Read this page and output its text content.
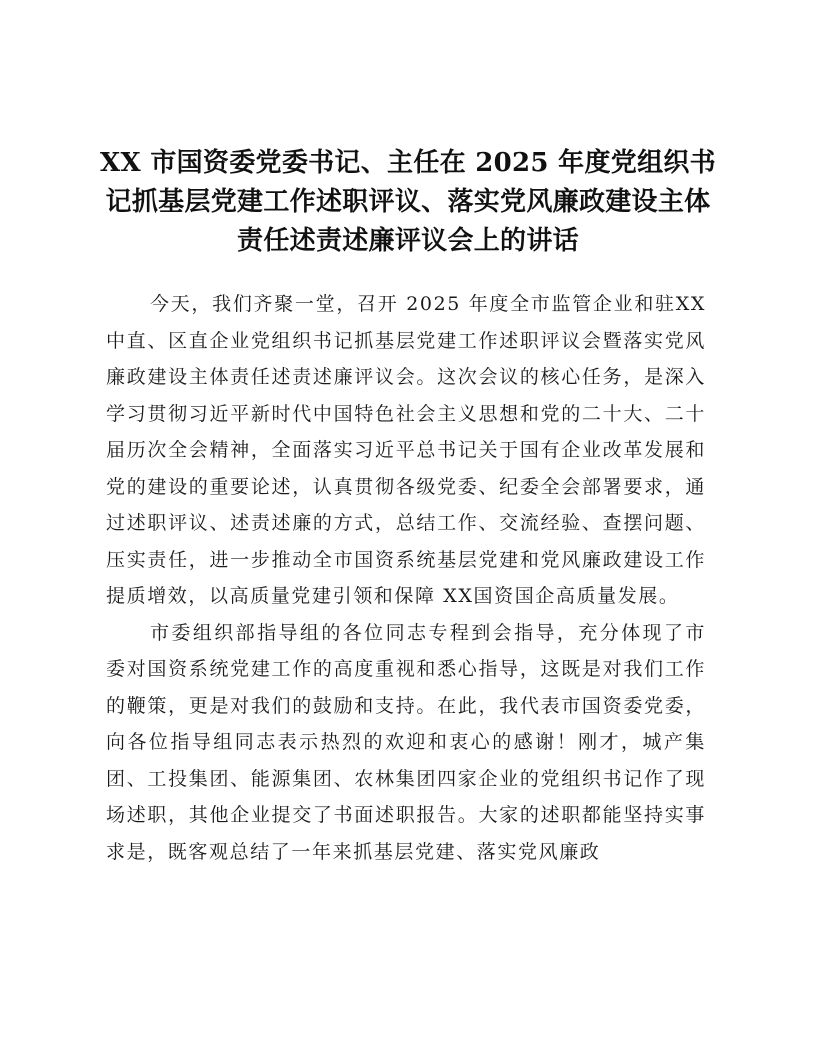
XX 市国资委党委书记、主任在 2025 年度党组织书记抓基层党建工作述职评议、落实党风廉政建设主体责任述责述廉评议会上的讲话

今天，我们齐聚一堂，召开 2025 年度全市监管企业和驻XX 中直、区直企业党组织书记抓基层党建工作述职评议会暨落实党风廉政建设主体责任述责述廉评议会。这次会议的核心任务，是深入学习贯彻习近平新时代中国特色社会主义思想和党的二十大、二十届历次全会精神，全面落实习近平总书记关于国有企业改革发展和党的建设的重要论述，认真贯彻各级党委、纪委全会部署要求，通过述职评议、述责述廉的方式，总结工作、交流经验、查摆问题、压实责任，进一步推动全市国资系统基层党建和党风廉政建设工作提质增效，以高质量党建引领和保障 XX国资国企高质量发展。

市委组织部指导组的各位同志专程到会指导，充分体现了市委对国资系统党建工作的高度重视和悉心指导，这既是对我们工作的鞭策，更是对我们的鼓励和支持。在此，我代表市国资委党委，向各位指导组同志表示热烈的欢迎和衷心的感谢！刚才，城产集团、工投集团、能源集团、农林集团四家企业的党组织书记作了现场述职，其他企业提交了书面述职报告。大家的述职都能坚持实事求是，既客观总结了一年来抓基层党建、落实党风廉政
